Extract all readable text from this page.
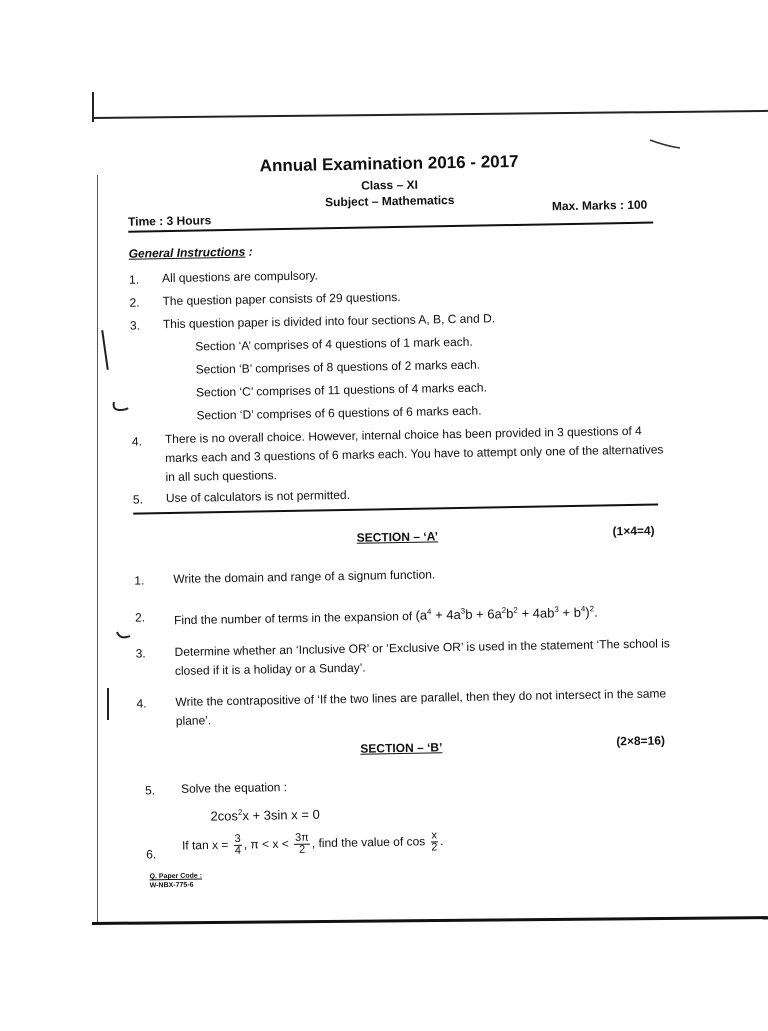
Annual Examination 2016 - 2017
Class – XI
Subject – Mathematics
Time : 3 Hours
Max. Marks : 100
General Instructions :
1. All questions are compulsory.
2. The question paper consists of 29 questions.
3. This question paper is divided into four sections A, B, C and D.
Section ‘A’ comprises of 4 questions of 1 mark each.
Section ‘B’ comprises of 8 questions of 2 marks each.
Section ‘C’ comprises of 11 questions of 4 marks each.
Section ‘D’ comprises of 6 questions of 6 marks each.
4. There is no overall choice. However, internal choice has been provided in 3 questions of 4 marks each and 3 questions of 6 marks each. You have to attempt only one of the alternatives in all such questions.
5. Use of calculators is not permitted.
SECTION – ‘A’	(1×4=4)
1. Write the domain and range of a signum function.
2. Find the number of terms in the expansion of $(a^4 + 4a^3b + 6a^2b^2 + 4ab^3 + b^4)^2$.
3. Determine whether an ‘Inclusive OR’ or ‘Exclusive OR’ is used in the statement ‘The school is closed if it is a holiday or a Sunday’.
4. Write the contrapositive of ‘If the two lines are parallel, then they do not intersect in the same plane’.
SECTION – ‘B’	(2×8=16)
5. Solve the equation :
$2\cos^2x + 3\sin$ x = 0
6.
If $\tan x = \frac{3}{4}$ , $\pi < x < \frac{3\pi}{2}$ , find the value of $\cos \frac{x}{2}$ .
Q. Paper Code :
W-NBX-775-6
